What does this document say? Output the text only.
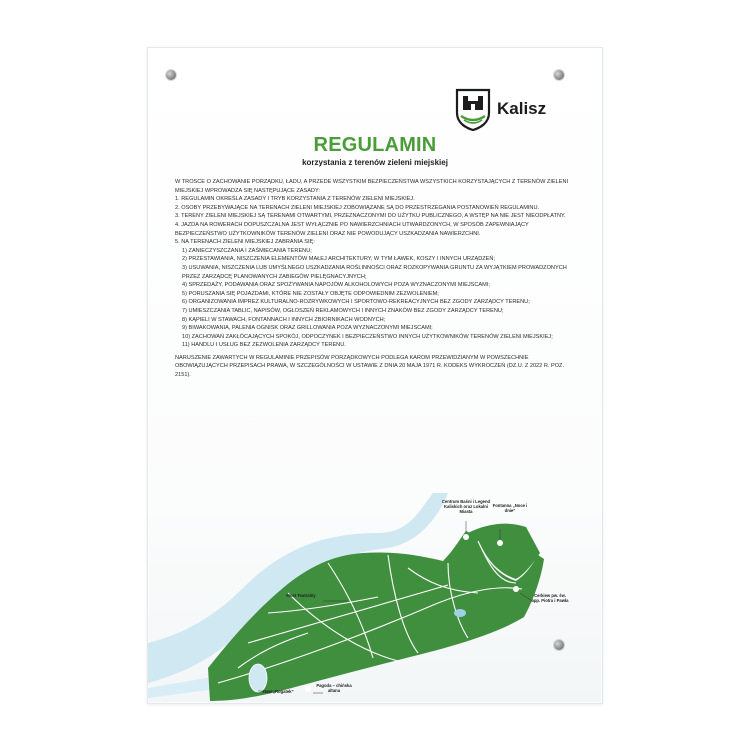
Kalisz
REGULAMIN
korzystania z terenów zieleni miejskiej

W TROSCE O ZACHOWANIE PORZĄDKU, ŁADU, A PRZEDE WSZYSTKIM BEZPIECZEŃSTWA WSZYSTKICH KORZYSTAJĄCYCH Z TERENÓW ZIELENI MIEJSKIEJ WPROWADZA SIĘ NASTĘPUJĄCE ZASADY:

1. REGULAMIN OKREŚLA ZASADY I TRYB KORZYSTANIA Z TERENÓW ZIELENI MIEJSKIEJ.

2. OSOBY PRZEBYWAJĄCE NA TERENACH ZIELENI MIEJSKIEJ ZOBOWIĄZANE SĄ DO PRZESTRZEGANIA POSTANOWIEŃ REGULAMINU.

3. TERENY ZIELENI MIEJSKIEJ SĄ TERENAMI OTWARTYMI, PRZEZNACZONYMI DO UŻYTKU PUBLICZNEGO, A WSTĘP NA NIE JEST NIEODPŁATNY.

4. JAZDA NA ROWERACH DOPUSZCZALNA JEST WYŁĄCZNIE PO NAWIERZCHNIACH UTWARDZONYCH, W SPOSÓB ZAPEWNIAJĄCY BEZPIECZEŃSTWO UŻYTKOWNIKÓW TERENÓW ZIELENI ORAZ NIE POWODUJĄCY USZKADZANIA NAWIERZCHNI.

5. NA TERENACH ZIELENI MIEJSKIEJ ZABRANIA SIĘ:

1) ZANIECZYSZCZANIA I ZAŚMIECANIA TERENU;

2) PRZESTAWIANIA, NISZCZENIA ELEMENTÓW MAŁEJ ARCHITEKTURY, W TYM ŁAWEK, KOSZY I INNYCH URZĄDZEŃ;

3) USUWANIA, NISZCZENIA LUB UMYŚLNEGO USZKADZANIA ROŚLINNOŚCI ORAZ ROZKOPYWANIA GRUNTU ZA WYJĄTKIEM PROWADZONYCH PRZEZ ZARZĄDCĘ PLANOWANYCH ZABIEGÓW PIELĘGNACYJNYCH;

4) SPRZEDAŻY, PODAWANIA ORAZ SPOŻYWANIA NAPOJÓW ALKOHOLOWYCH POZA WYZNACZONYMI MIEJSCAMI;

5) PORUSZANIA SIĘ POJAZDAMI, KTÓRE NIE ZOSTAŁY OBJĘTE ODPOWIEDNIM ZEZWOLENIEM;

6) ORGANIZOWANIA IMPREZ KULTURALNO-ROZRYWKOWYCH I SPORTOWO-REKREACYJNYCH BEZ ZGODY ZARZĄDCY TERENU;

7) UMIESZCZANIA TABLIC, NAPISÓW, OGŁOSZEŃ REKLAMOWYCH I INNYCH ZNAKÓW BEZ ZGODY ZARZĄDCY TERENU;

8) KĄPIELI W STAWACH, FONTANNACH I INNYCH ZBIORNIKACH WODNYCH;

9) BIWAKOWANIA, PALENIA OGNISK ORAZ GRILLOWANIA POZA WYZNACZONYMI MIEJSCAMI;

10) ZACHOWAŃ ZAKŁÓCAJĄCYCH SPOKÓJ, ODPOCZYNEK I BEZPIECZEŃSTWO INNYCH UŻYTKOWNIKÓW TERENÓW ZIELENI MIEJSKIEJ;

11) HANDLU I USŁUG BEZ ZEZWOLENIA ZARZĄDCY TERENU.

NARUSZENIE ZAWARTYCH W REGULAMINIE PRZEPISÓW PORZĄDKOWYCH PODLEGA KAROM PRZEWIDZIANYM W POWSZECHNIE OBOWIĄZUJĄCYCH PRZEPISACH PRAWA, W SZCZEGÓLNOŚCI W USTAWIE Z DNIA 20 MAJA 1971 R. KODEKS WYKROCZEŃ (DZ.U. Z 2022 R. POZ. 2151).

Most Teatralny
Centrum Baśni i Legend Kaliskich oraz Lokalni Miasta
Fontanna „Noce i dnie”
Cerkiew pw. św. app. Piotra i Pawła
staw „Rogatek”
Pagoda – chińska altana
